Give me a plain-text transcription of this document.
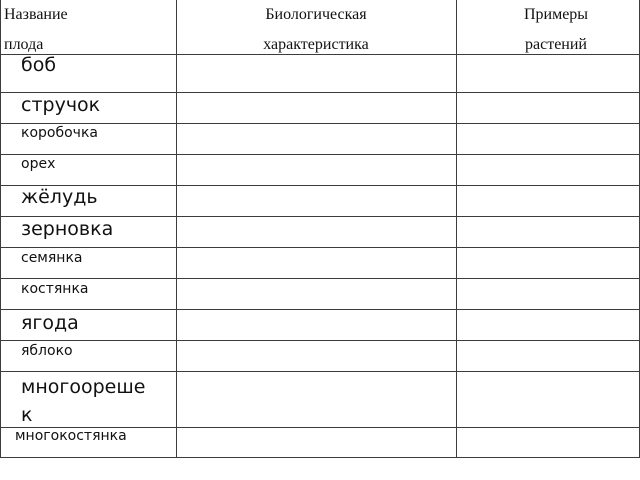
Название
плода
Биологическая
характеристика
Примеры
растений
боб
стручок
коробочка
орех
жёлудь
зерновка
семянка
костянка
ягода
яблоко
многоореше
к
многокостянка
